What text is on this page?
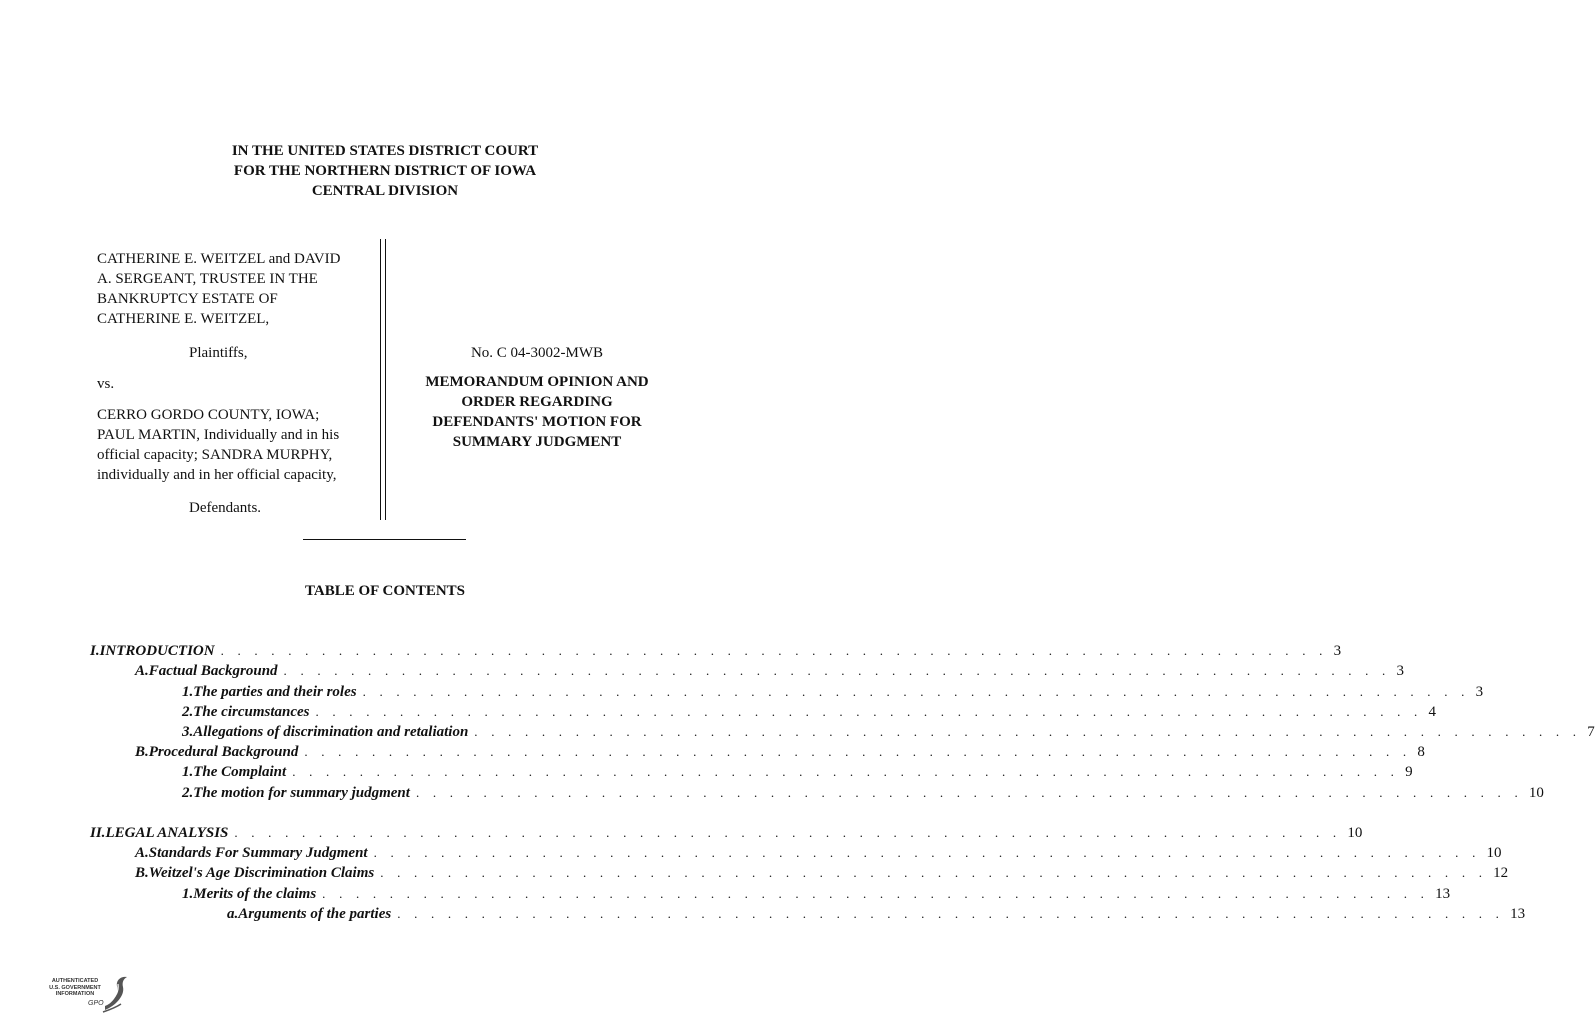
IN THE UNITED STATES DISTRICT COURT
FOR THE NORTHERN DISTRICT OF IOWA
CENTRAL DIVISION

CATHERINE E. WEITZEL and DAVID

A. SERGEANT, TRUSTEE IN THE

BANKRUPTCY ESTATE OF

CATHERINE E. WEITZEL,

Plaintiffs,
vs.

CERRO GORDO COUNTY, IOWA;

PAUL MARTIN, Individually and in his

official capacity; SANDRA MURPHY,

individually and in her official capacity,

Defendants.
No. C 04-3002-MWB
MEMORANDUM OPINION AND
ORDER REGARDING
DEFENDANTS' MOTION FOR
SUMMARY JUDGMENT
TABLE OF CONTENTS
I. INTRODUCTION . . . . . . . . . . . . . . . . . . . . . . . . . . . . . . . . . . . . . . . . . . . . . . . . . . . . . . . . . . . . . . . . . . 3
A. Factual Background . . . . . . . . . . . . . . . . . . . . . . . . . . . . . . . . . . . . . . . . . . . . . . . . . . . . . . . . . . . . . . . . . . 3
1. The parties and their roles . . . . . . . . . . . . . . . . . . . . . . . . . . . . . . . . . . . . . . . . . . . . . . . . . . . . . . . . . . . . . . . . . . 3
2. The circumstances . . . . . . . . . . . . . . . . . . . . . . . . . . . . . . . . . . . . . . . . . . . . . . . . . . . . . . . . . . . . . . . . . . 4
3. Allegations of discrimination and retaliation . . . . . . . . . . . . . . . . . . . . . . . . . . . . . . . . . . . . . . . . . . . . . . . . . . . . . . . . . . . . . . . . . . 7
B. Procedural Background . . . . . . . . . . . . . . . . . . . . . . . . . . . . . . . . . . . . . . . . . . . . . . . . . . . . . . . . . . . . . . . . . . 8
1. The Complaint . . . . . . . . . . . . . . . . . . . . . . . . . . . . . . . . . . . . . . . . . . . . . . . . . . . . . . . . . . . . . . . . . . 9
2. The motion for summary judgment . . . . . . . . . . . . . . . . . . . . . . . . . . . . . . . . . . . . . . . . . . . . . . . . . . . . . . . . . . . . . . . . . . 10
II. LEGAL ANALYSIS . . . . . . . . . . . . . . . . . . . . . . . . . . . . . . . . . . . . . . . . . . . . . . . . . . . . . . . . . . . . . . . . . . 10
A. Standards For Summary Judgment . . . . . . . . . . . . . . . . . . . . . . . . . . . . . . . . . . . . . . . . . . . . . . . . . . . . . . . . . . . . . . . . . . 10
B. Weitzel's Age Discrimination Claims . . . . . . . . . . . . . . . . . . . . . . . . . . . . . . . . . . . . . . . . . . . . . . . . . . . . . . . . . . . . . . . . . . 12
1. Merits of the claims . . . . . . . . . . . . . . . . . . . . . . . . . . . . . . . . . . . . . . . . . . . . . . . . . . . . . . . . . . . . . . . . . . 13
a. Arguments of the parties . . . . . . . . . . . . . . . . . . . . . . . . . . . . . . . . . . . . . . . . . . . . . . . . . . . . . . . . . . . . . . . . . . 13
AUTHENTICATED
U.S. GOVERNMENT
INFORMATION
GPO
